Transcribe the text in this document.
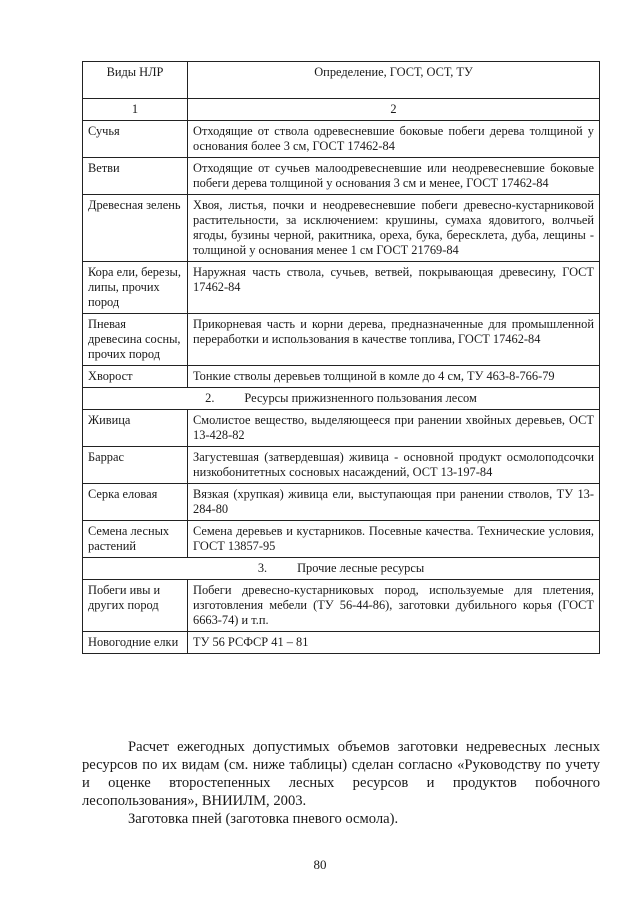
Виды НЛР	Определение, ГОСТ, ОСТ, ТУ
1	2
Сучья	Отходящие от ствола одревесневшие боковые побеги дерева толщиной у основания более 3 см, ГОСТ 17462-84
Ветви	Отходящие от сучьев малоодревесневшие или неодревесневшие боковые побеги дерева толщиной у основания 3 см и менее, ГОСТ 17462-84
Древесная зелень	Хвоя, листья, почки и неодревесневшие побеги древесно-кустарниковой растительности, за исключением: крушины, сумаха ядовитого, волчьей ягоды, бузины черной, ракитника, ореха, бука, бересклета, дуба, лещины - толщиной у основания менее 1 см ГОСТ 21769-84
Кора ели, березы, липы, прочих пород	Наружная часть ствола, сучьев, ветвей, покрывающая древесину, ГОСТ 17462-84
Пневая древесина сосны, прочих пород	Прикорневая часть и корни дерева, предназначенные для промышленной переработки и использования в качестве топлива, ГОСТ 17462-84
Хворост	Тонкие стволы деревьев толщиной в комле до 4 см, ТУ 463-8-766-79
2. Ресурсы прижизненного пользования лесом	
Живица	Смолистое вещество, выделяющееся при ранении хвойных деревьев, ОСТ 13-428-82
Баррас	Загустевшая (затвердевшая) живица - основной продукт осмолоподсочки низкобонитетных сосновых насаждений, ОСТ 13-197-84
Серка еловая	Вязкая (хрупкая) живица ели, выступающая при ранении стволов, ТУ 13-284-80
Семена лесных растений	Семена деревьев и кустарников. Посевные качества. Технические условия, ГОСТ 13857-95
3. Прочие лесные ресурсы	
Побеги ивы и других пород	Побеги древесно-кустарниковых пород, используемые для плетения, изготовления мебели (ТУ 56-44-86), заготовки дубильного корья (ГОСТ 6663-74) и т.п.
Новогодние елки	ТУ 56 РСФСР 41 – 81
Расчет ежегодных допустимых объемов заготовки недревесных лесных ресурсов по их видам (см. ниже таблицы) сделан согласно «Руководству по учету и оценке второстепенных лесных ресурсов и продуктов побочного лесопользования», ВНИИЛМ, 2003.
Заготовка пней (заготовка пневого осмола).
80
